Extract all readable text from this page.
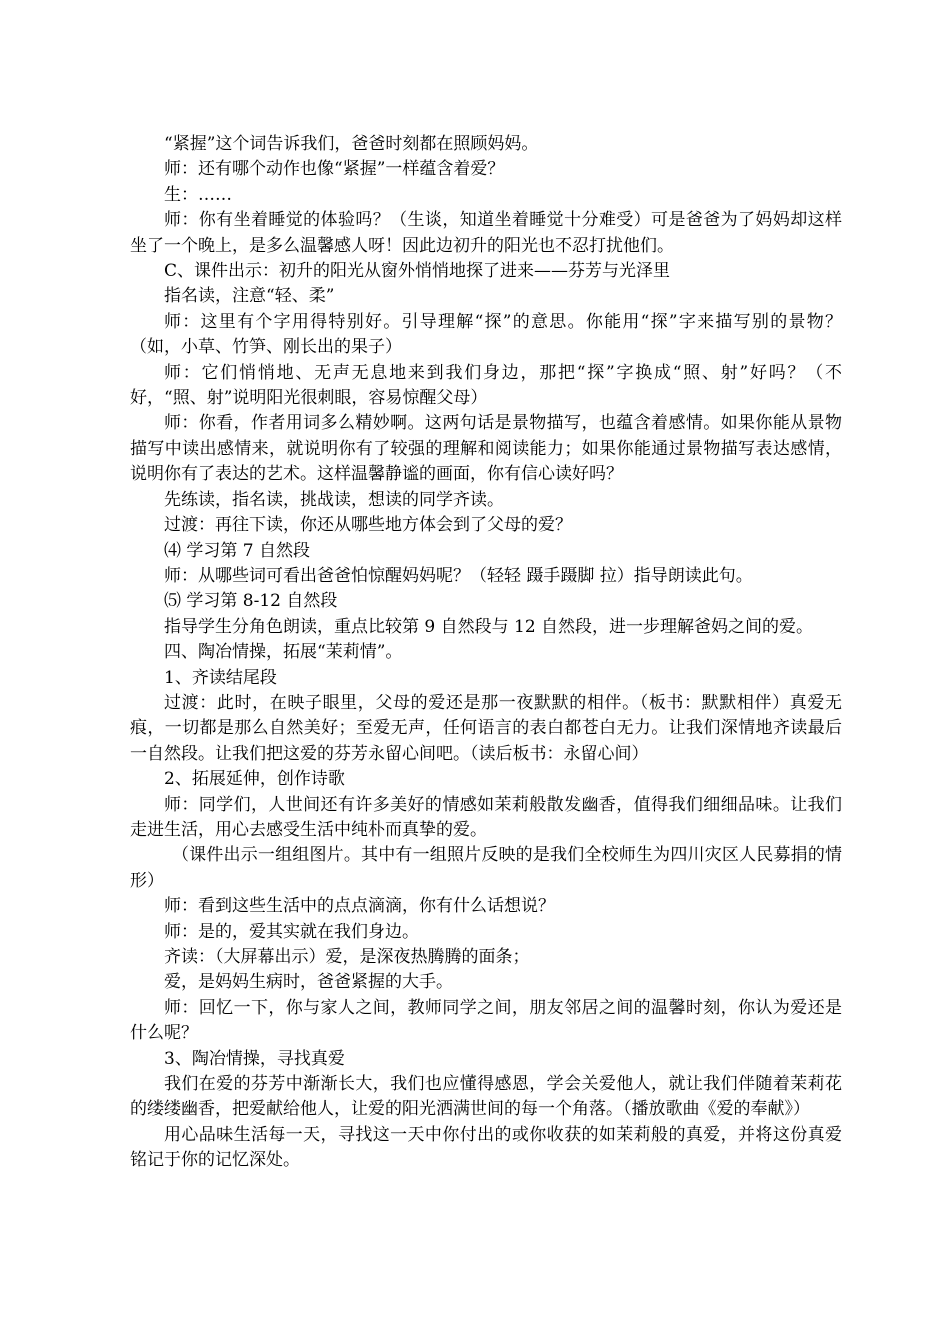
“紧握”这个词告诉我们，爸爸时刻都在照顾妈妈。

师：还有哪个动作也像“紧握”一样蕴含着爱？

生：……

师：你有坐着睡觉的体验吗？（生谈，知道坐着睡觉十分难受）可是爸爸为了妈妈却这样坐了一个晚上，是多么温馨感人呀！因此边初升的阳光也不忍打扰他们。

C、课件出示：初升的阳光从窗外悄悄地探了进来——芬芳与光泽里

指名读，注意“轻、柔”

师：这里有个字用得特别好。引导理解“探”的意思。你能用“探”字来描写别的景物？（如，小草、竹笋、刚长出的果子）

师：它们悄悄地、无声无息地来到我们身边，那把“探”字换成“照、射”好吗？（不好，“照、射”说明阳光很刺眼，容易惊醒父母）

师：你看，作者用词多么精妙啊。这两句话是景物描写，也蕴含着感情。如果你能从景物描写中读出感情来，就说明你有了较强的理解和阅读能力；如果你能通过景物描写表达感情，说明你有了表达的艺术。这样温馨静谧的画面，你有信心读好吗？

先练读，指名读，挑战读，想读的同学齐读。

过渡：再往下读，你还从哪些地方体会到了父母的爱？

⑷ 学习第 7 自然段

师：从哪些词可看出爸爸怕惊醒妈妈呢？（轻轻 蹑手蹑脚 拉）指导朗读此句。

⑸ 学习第 8-12 自然段

指导学生分角色朗读，重点比较第 9 自然段与 12 自然段，进一步理解爸妈之间的爱。

四、陶冶情操，拓展“茉莉情”。

1、齐读结尾段

过渡：此时，在映子眼里，父母的爱还是那一夜默默的相伴。（板书：默默相伴）真爱无痕，一切都是那么自然美好；至爱无声，任何语言的表白都苍白无力。让我们深情地齐读最后一自然段。让我们把这爱的芬芳永留心间吧。（读后板书：永留心间）

2、拓展延伸，创作诗歌

师：同学们，人世间还有许多美好的情感如茉莉般散发幽香，值得我们细细品味。让我们走进生活，用心去感受生活中纯朴而真挚的爱。

（课件出示一组组图片。其中有一组照片反映的是我们全校师生为四川灾区人民募捐的情形）

师：看到这些生活中的点点滴滴，你有什么话想说？

师：是的，爱其实就在我们身边。

齐读：（大屏幕出示）爱，是深夜热腾腾的面条；

爱，是妈妈生病时，爸爸紧握的大手。

师：回忆一下，你与家人之间，教师同学之间，朋友邻居之间的温馨时刻，你认为爱还是什么呢？

3、陶冶情操，寻找真爱

我们在爱的芬芳中渐渐长大，我们也应懂得感恩，学会关爱他人，就让我们伴随着茉莉花的缕缕幽香，把爱献给他人，让爱的阳光洒满世间的每一个角落。（播放歌曲《爱的奉献》）

用心品味生活每一天，寻找这一天中你付出的或你收获的如茉莉般的真爱，并将这份真爱铭记于你的记忆深处。
